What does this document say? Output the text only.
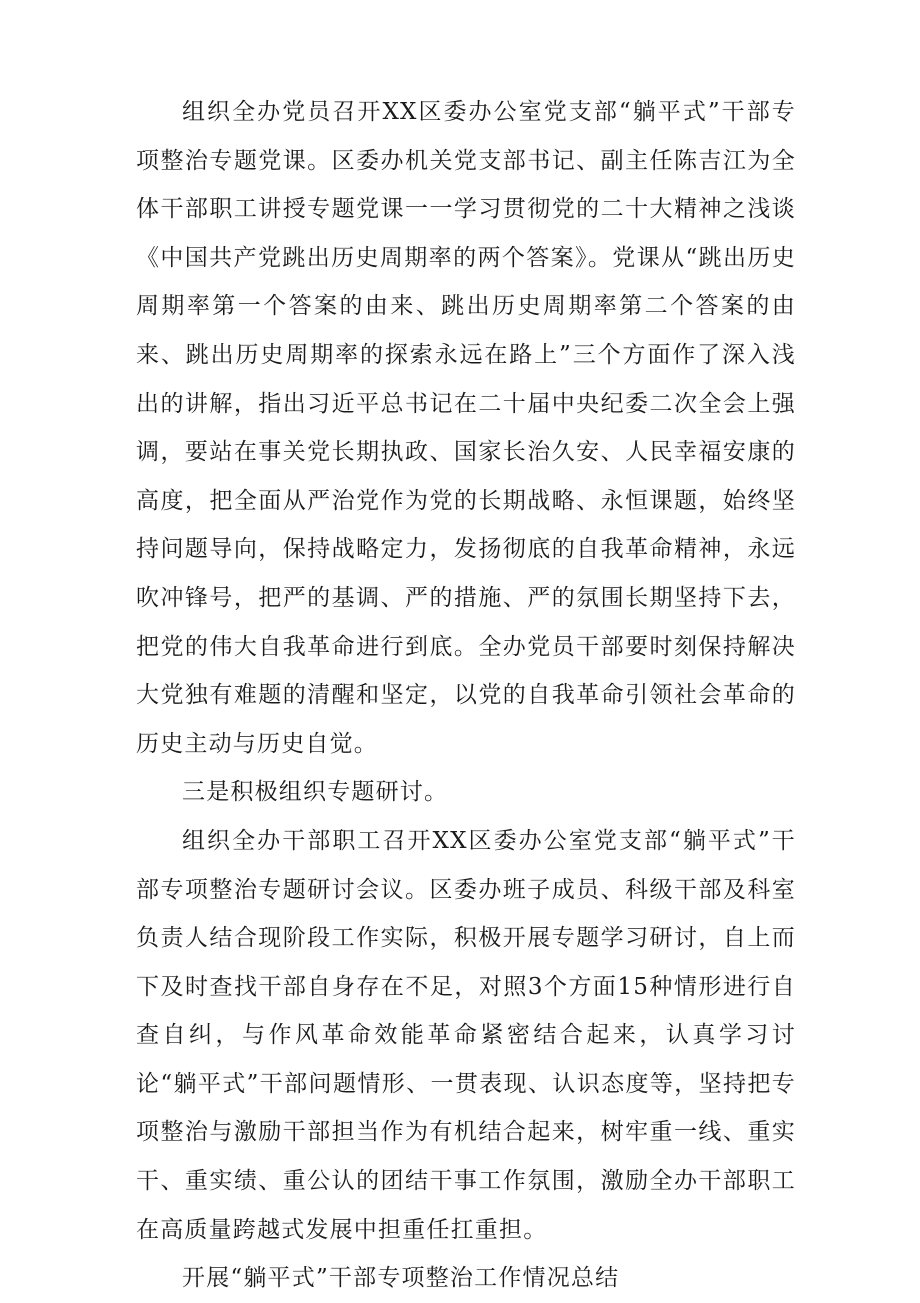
组织全办党员召开XX区委办公室党支部“躺平式”干部专项整治专题党课。区委办机关党支部书记、副主任陈吉江为全体干部职工讲授专题党课一一学习贯彻党的二十大精神之浅谈《中国共产党跳出历史周期率的两个答案》。党课从“跳出历史周期率第一个答案的由来、跳出历史周期率第二个答案的由来、跳出历史周期率的探索永远在路上”三个方面作了深入浅出的讲解，指出习近平总书记在二十届中央纪委二次全会上强调，要站在事关党长期执政、国家长治久安、人民幸福安康的高度，把全面从严治党作为党的长期战略、永恒课题，始终坚持问题导向，保持战略定力，发扬彻底的自我革命精神，永远吹冲锋号，把严的基调、严的措施、严的氛围长期坚持下去，把党的伟大自我革命进行到底。全办党员干部要时刻保持解决大党独有难题的清醒和坚定，以党的自我革命引领社会革命的历史主动与历史自觉。

三是积极组织专题研讨。

组织全办干部职工召开XX区委办公室党支部“躺平式”干部专项整治专题研讨会议。区委办班子成员、科级干部及科室负责人结合现阶段工作实际，积极开展专题学习研讨，自上而下及时查找干部自身存在不足，对照3个方面15种情形进行自查自纠，与作风革命效能革命紧密结合起来，认真学习讨论“躺平式”干部问题情形、一贯表现、认识态度等，坚持把专项整治与激励干部担当作为有机结合起来，树牢重一线、重实干、重实绩、重公认的团结干事工作氛围，激励全办干部职工在高质量跨越式发展中担重任扛重担。

开展“躺平式”干部专项整治工作情况总结
